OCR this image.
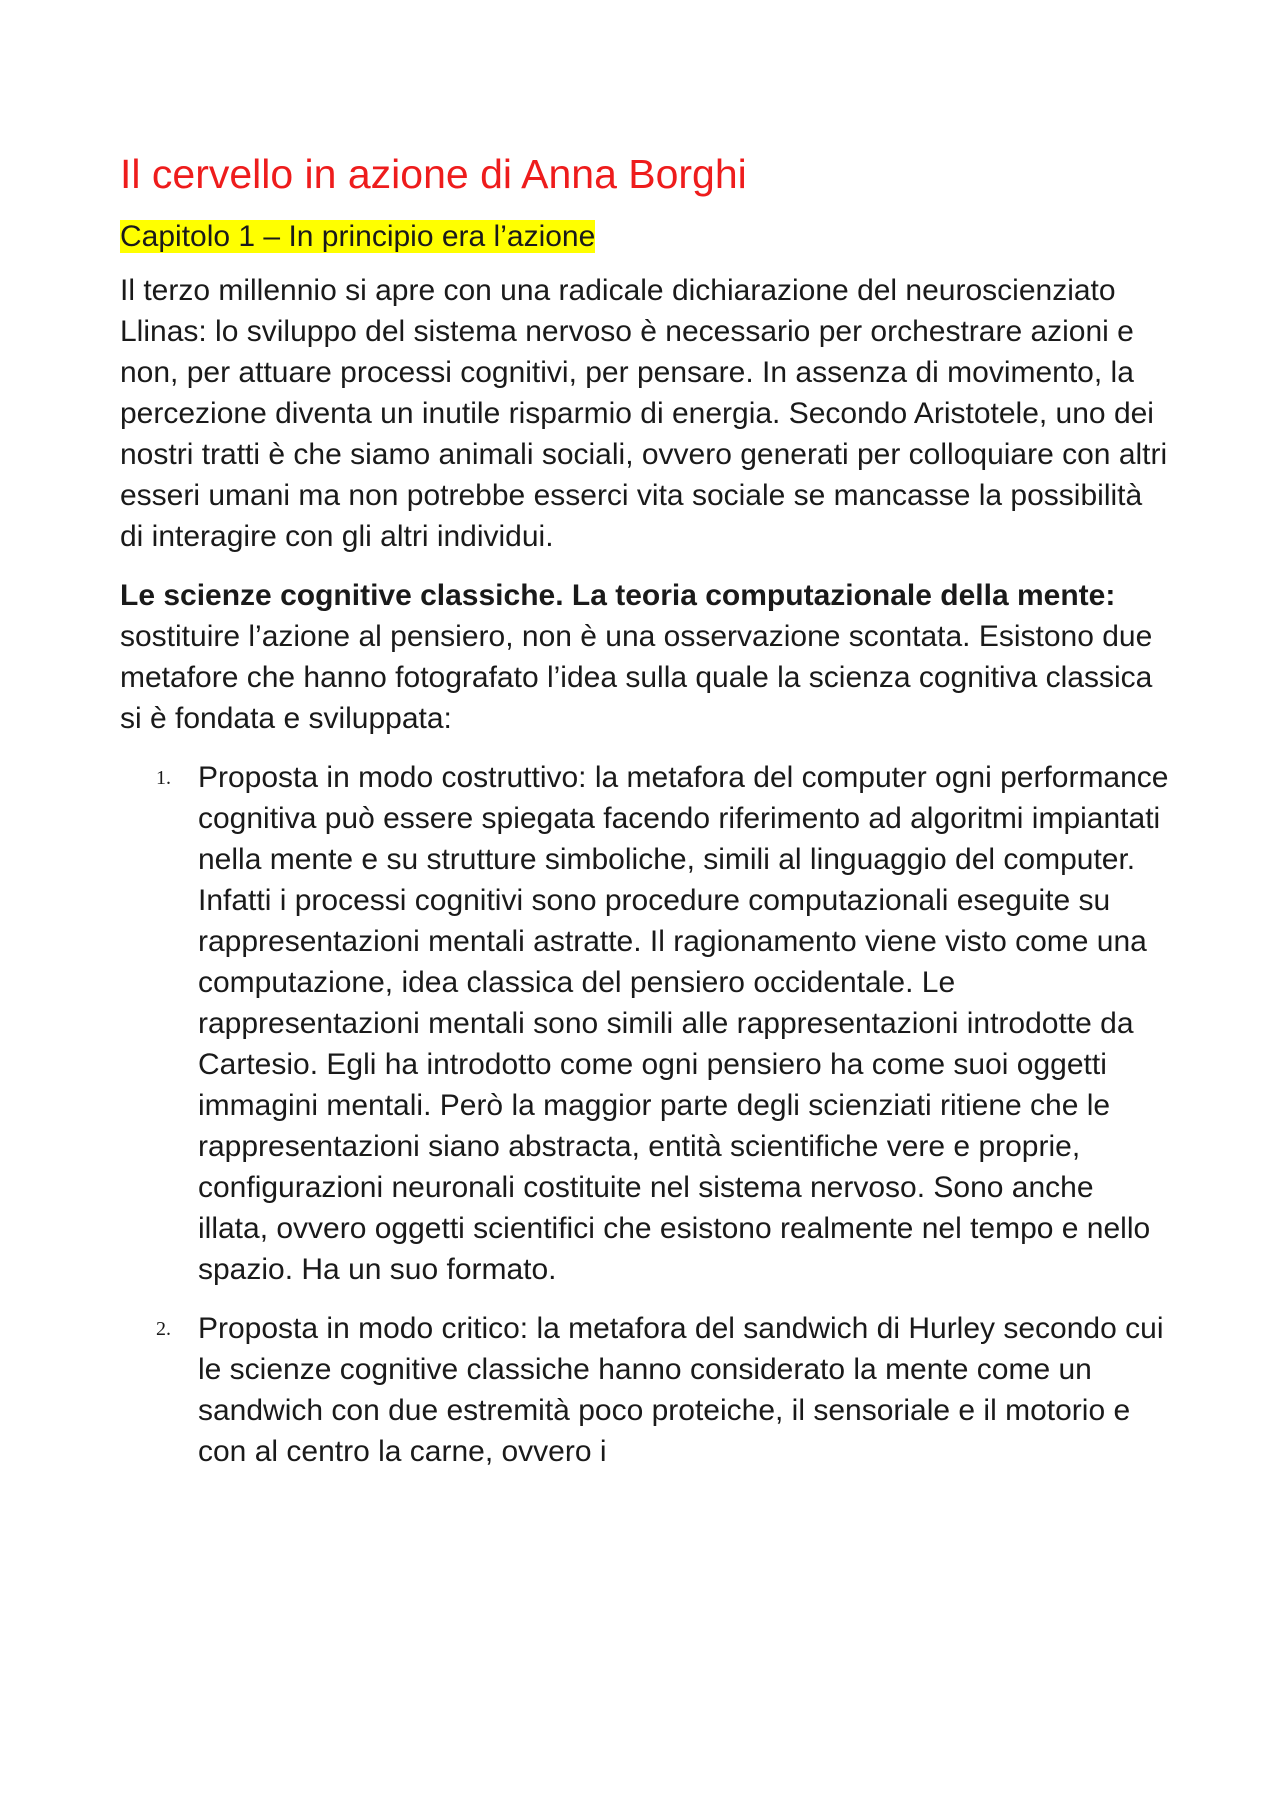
Il cervello in azione di Anna Borghi
Capitolo 1 – In principio era l’azione

Il terzo millennio si apre con una radicale dichiarazione del neuroscienziato Llinas: lo sviluppo del sistema nervoso è necessario per orchestrare azioni e non, per attuare processi cognitivi, per pensare. In assenza di movimento, la percezione diventa un inutile risparmio di energia. Secondo Aristotele, uno dei nostri tratti è che siamo animali sociali, ovvero generati per colloquiare con altri esseri umani ma non potrebbe esserci vita sociale se mancasse la possibilità di interagire con gli altri individui.

Le scienze cognitive classiche. La teoria computazionale della mente: sostituire l’azione al pensiero, non è una osservazione scontata. Esistono due metafore che hanno fotografato l’idea sulla quale la scienza cognitiva classica si è fondata e sviluppata:

1. Proposta in modo costruttivo: la metafora del computer ogni performance cognitiva può essere spiegata facendo riferimento ad algoritmi impiantati nella mente e su strutture simboliche, simili al linguaggio del computer. Infatti i processi cognitivi sono procedure computazionali eseguite su rappresentazioni mentali astratte. Il ragionamento viene visto come una computazione, idea classica del pensiero occidentale. Le rappresentazioni mentali sono simili alle rappresentazioni introdotte da Cartesio. Egli ha introdotto come ogni pensiero ha come suoi oggetti immagini mentali. Però la maggior parte degli scienziati ritiene che le rappresentazioni siano abstracta, entità scientifiche vere e proprie, configurazioni neuronali costituite nel sistema nervoso. Sono anche illata, ovvero oggetti scientifici che esistono realmente nel tempo e nello spazio. Ha un suo formato.
2. Proposta in modo critico: la metafora del sandwich di Hurley secondo cui le scienze cognitive classiche hanno considerato la mente come un sandwich con due estremità poco proteiche, il sensoriale e il motorio e con al centro la carne, ovvero i
